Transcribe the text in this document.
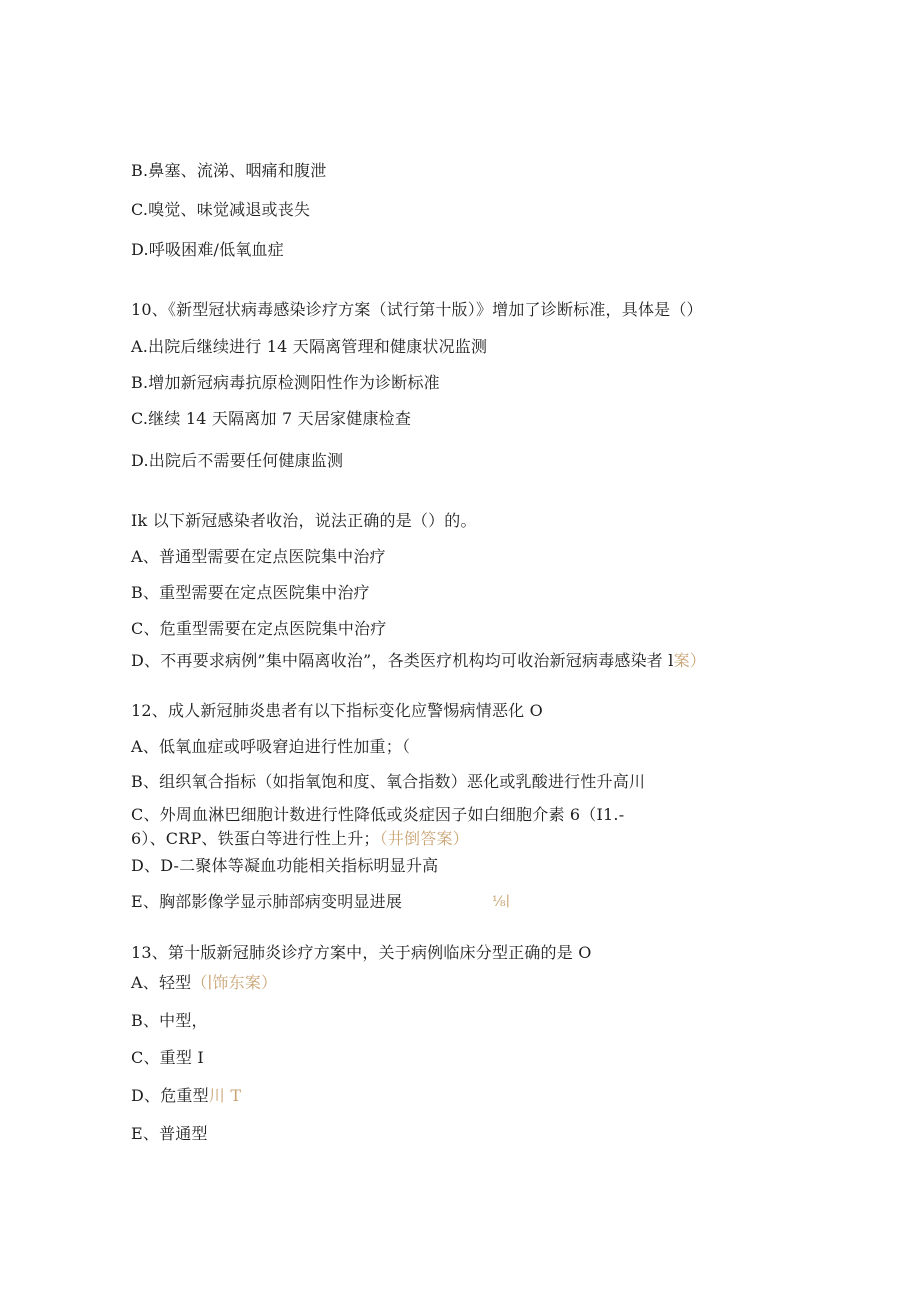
B.鼻塞、流涕、咽痛和腹泄
C.嗅觉、味觉减退或丧失
D.呼吸困难/低氧血症
10、《新型冠状病毒感染诊疗方案（试行第十版）》增加了诊断标准，具体是（）
A.出院后继续进行 14 天隔离管理和健康状况监测
B.增加新冠病毒抗原检测阳性作为诊断标准
C.继续 14 天隔离加 7 天居家健康检查
D.出院后不需要任何健康监测
Ik 以下新冠感染者收治，说法正确的是（）的。
A、普通型需要在定点医院集中治疗
B、重型需要在定点医院集中治疗
C、危重型需要在定点医院集中治疗
D、不再要求病例”集中隔离收治”，各类医疗机构均可收治新冠病毒感染者 l案）
12、成人新冠肺炎患者有以下指标变化应警惕病情恶化 O
A、低氧血症或呼吸窘迫进行性加重；（
B、组织氧合指标（如指氧饱和度、氧合指数）恶化或乳酸进行性升高川
C、外周血淋巴细胞计数进行性降低或炎症因子如白细胞介素 6（I1.-
6）、CRP、铁蛋白等进行性上升；（井倒答案）
D、D-二聚体等凝血功能相关指标明显升高
E、胸部影像学显示肺部病变明显进展	⅛∣
13、第十版新冠肺炎诊疗方案中，关于病例临床分型正确的是 O
A、轻型（∣饰东案）
B、中型，
C、重型 I
D、危重型川 T
E、普通型
